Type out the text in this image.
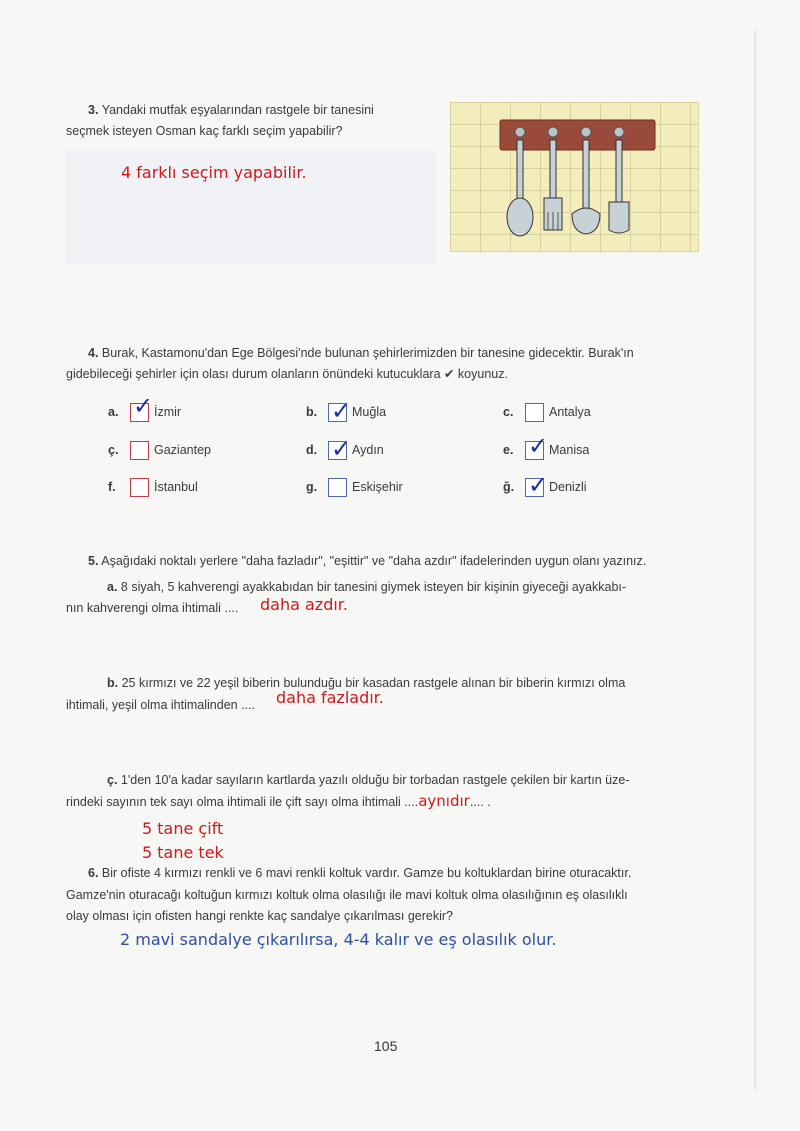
3. Yandaki mutfak eşyalarından rastgele bir tanesini
seçmek isteyen Osman kaç farklı seçim yapabilir?
4 farklı seçim yapabilir.
4. Burak, Kastamonu'dan Ege Bölgesi'nde bulunan şehirlerimizden bir tanesine gidecektir. Burak'ın
gidebileceği şehirler için olası durum olanların önündeki kutucuklara ✔ koyunuz.
a. ✓ İzmir	b. ✓ Muğla	c.	Antalya
ç.	Gaziantep	d. ✓ Aydın	e. ✓ Manisa
f.	İstanbul	g.	Eskişehir	ğ. ✓ Denizli
5. Aşağıdaki noktalı yerlere "daha fazladır", "eşittir" ve "daha azdır" ifadelerinden uygun olanı yazınız.
a. 8 siyah, 5 kahverengi ayakkabıdan bir tanesini giymek isteyen bir kişinin giyeceği ayakkabı-
nın kahverengi olma ihtimali .... daha azdır.
b. 25 kırmızı ve 22 yeşil biberin bulunduğu bir kasadan rastgele alınan bir biberin kırmızı olma
ihtimali, yeşil olma ihtimalinden .... daha fazladır.
ç. 1'den 10'a kadar sayıların kartlarda yazılı olduğu bir torbadan rastgele çekilen bir kartın üze-
rindeki sayının tek sayı olma ihtimali ile çift sayı olma ihtimali ....aynıdır.... .
5 tane çift
5 tane tek
6. Bir ofiste 4 kırmızı renkli ve 6 mavi renkli koltuk vardır. Gamze bu koltuklardan birine oturacaktır.
Gamze'nin oturacağı koltuğun kırmızı koltuk olma olasılığı ile mavi koltuk olma olasılığının eş olasılıklı
olay olması için ofisten hangi renkte kaç sandalye çıkarılması gerekir?
2 mavi sandalye çıkarılırsa, 4-4 kalır ve eş olasılık olur.
105
